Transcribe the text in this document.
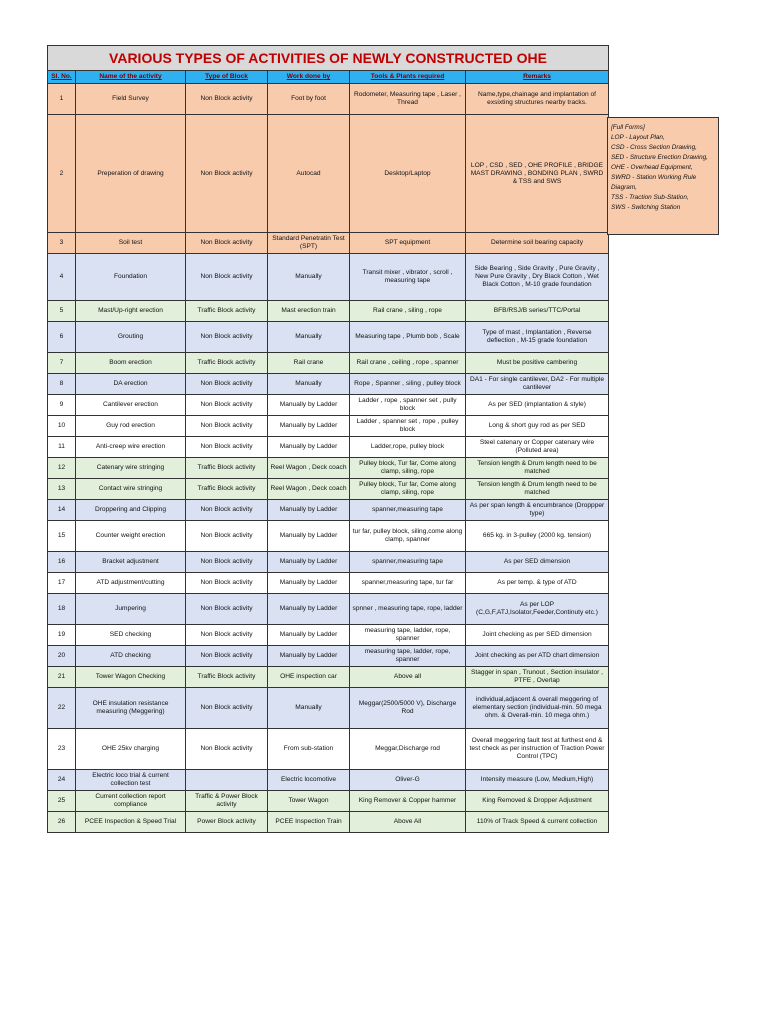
VARIOUS TYPES OF ACTIVITIES OF NEWLY CONSTRUCTED OHE					
Sl. No.	Name of the activity	Type of Block	Work done by	Tools & Plants required	Remarks
1	Field Survey	Non Block activity	Foot by foot	Rodometer, Measuring tape , Laser , Thread	Name,type,chainage and implantation of exsixting structures nearby tracks.
2	Preperation of drawing	Non Block activity	Autocad	Desktop/Laptop	LOP , CSD , SED , OHE PROFILE , BRIDGE MAST DRAWING , BONDING PLAN , SWRD & TSS and SWS
3	Soil test	Non Block activity	Standard Penetratin Test (SPT)	SPT equipment	Determine soil bearing capacity
4	Foundation	Non Block activity	Manually	Transit mixer , vibrator , scroll , measuring tape	Side Bearing , Side Gravity , Pure Gravity , New Pure Gravity , Dry Black Cotton , Wet Black Cotton , M-10 grade foundation
5	Mast/Up-right erection	Traffic Block activity	Mast erection train	Rail crane , siling , rope	BFB/RSJ/B series/TTC/Portal
6	Grouting	Non Block activity	Manually	Measuring tape , Plumb bob , Scale	Type of mast , Implantation , Reverse deflection , M-15 grade foundation
7	Boom erection	Traffic Block activity	Rail crane	Rail crane , ceiling , rope , spanner	Must be positive cambering
8	DA erection	Non Block activity	Manually	Rope , Spanner , siling , pulley block	DA1 - For single cantilever, DA2 - For multiple cantilever
9	Cantilever erection	Non Block activity	Manually by Ladder	Ladder , rope , spanner set , pully block	As per SED (implantation & style)
10	Guy rod erection	Non Block activity	Manually by Ladder	Ladder , spanner set , rope , pulley block	Long & short guy rod as per SED
11	Anti-creep wire erection	Non Block activity	Manually by Ladder	Ladder,rope, pulley block	Steel catenary or Copper catenary wire (Polluted area)
12	Catenary wire stringing	Traffic Block activity	Reel Wagon , Deck coach	Pulley block, Tur far, Come along clamp, siling, rope	Tension length & Drum length need to be matched
13	Contact wire stringing	Traffic Block activity	Reel Wagon , Deck coach	Pulley block, Tur far, Come along clamp, siling, rope	Tension length & Drum length need to be matched
14	Droppering and Clipping	Non Block activity	Manually by Ladder	spanner,measuring tape	As per span length & encumbrance (Droppper type)
15	Counter weight erection	Non Block activity	Manually by Ladder	tur far, pulley block, siling,come along clamp, spanner	665 kg. in 3-pulley (2000 kg. tension)
16	Bracket adjustment	Non Block activity	Manually by Ladder	spanner,measuring tape	As per SED dimension
17	ATD adjustment/cutting	Non Block activity	Manually by Ladder	spanner,measuring tape, tur far	As per temp. & type of ATD
18	Jumpering	Non Block activity	Manually by Ladder	spnner , measuring tape, rope, ladder	As per LOP (C,G,F,ATJ,Isolator,Feeder,Continuty etc.)
19	SED checking	Non Block activity	Manually by Ladder	measuring tape, ladder, rope, spanner	Joint checking as per SED dimension
20	ATD checking	Non Block activity	Manually by Ladder	measuring tape, ladder, rope, spanner	Joint checking as per ATD chart dimension
21	Tower Wagon Checking	Traffic Block activity	OHE inspection car	Above all	Stagger in span , Trunout , Section insulator , PTFE , Overlap
22	OHE insulation resistance measuring (Meggering)	Non Block activity	Manually	Meggar(2500/5000 V), Discharge Rod	individual,adjacent & overall meggering of elementary section (individual-min. 50 mega ohm. & Overall-min. 10 mega ohm.)
23	OHE 25kv charging	Non Block activity	From sub-station	Meggar,Discharge rod	Overall meggering fault test at furthest end & test check as per instruction of Traction Power Control (TPC)
24	Electric loco trial & current collection test		Electric locomotive	Oliver-G	Intensity measure (Low, Medium,High)
25	Current collection report compliance	Traffic & Power Block activity	Tower Wagon	King Remover & Copper hammer	King Removed & Dropper Adjustment
26	PCEE Inspection & Speed Trial	Power Block activity	PCEE Inspection Train	Above All	110% of Track Speed & current collection
[Full Forms]
LOP - Layout Plan,
CSD - Cross Section Drawing,
SED - Structure Erection Drawing,
OHE - Overhead Equipment,
SWRD - Station Working Rule Diagram,
TSS - Traction Sub-Station,
SWS - Switching Station
